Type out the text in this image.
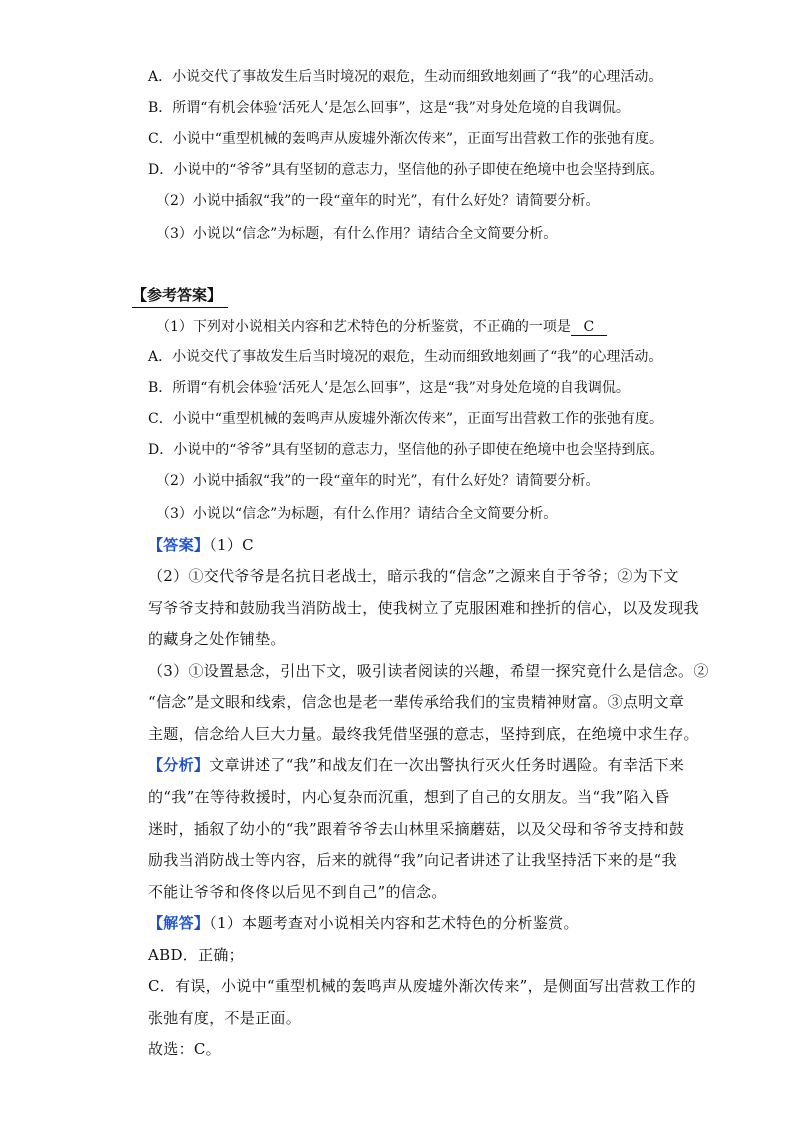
A．小说交代了事故发生后当时境况的艰危，生动而细致地刻画了“我”的心理活动。
B．所谓“有机会体验‘活死人’是怎么回事”，这是“我”对身处危境的自我调侃。
C．小说中“重型机械的轰鸣声从废墟外渐次传来”，正面写出营救工作的张弛有度。
D．小说中的“爷爷”具有坚韧的意志力，坚信他的孙子即使在绝境中也会坚持到底。
（2）小说中插叙“我”的一段“童年的时光”，有什么好处？请简要分析。
（3）小说以“信念”为标题，有什么作用？请结合全文简要分析。
【参考答案】
（1）下列对小说相关内容和艺术特色的分析鉴赏，不正确的一项是 C
A．小说交代了事故发生后当时境况的艰危，生动而细致地刻画了“我”的心理活动。
B．所谓“有机会体验‘活死人’是怎么回事”，这是“我”对身处危境的自我调侃。
C．小说中“重型机械的轰鸣声从废墟外渐次传来”，正面写出营救工作的张弛有度。
D．小说中的“爷爷”具有坚韧的意志力，坚信他的孙子即使在绝境中也会坚持到底。
（2）小说中插叙“我”的一段“童年的时光”，有什么好处？请简要分析。
（3）小说以“信念”为标题，有什么作用？请结合全文简要分析。
【答案】（1）C
（2）①交代爷爷是名抗日老战士，暗示我的“信念”之源来自于爷爷；②为下文
写爷爷支持和鼓励我当消防战士，使我树立了克服困难和挫折的信心，以及发现我
的藏身之处作铺垫。
（3）①设置悬念，引出下文，吸引读者阅读的兴趣，希望一探究竟什么是信念。②
“信念”是文眼和线索，信念也是老一辈传承给我们的宝贵精神财富。③点明文章
主题，信念给人巨大力量。最终我凭借坚强的意志，坚持到底，在绝境中求生存。
【分析】文章讲述了“我”和战友们在一次出警执行灭火任务时遇险。有幸活下来
的“我”在等待救援时，内心复杂而沉重，想到了自己的女朋友。当“我”陷入昏
迷时，插叙了幼小的“我”跟着爷爷去山林里采摘蘑菇，以及父母和爷爷支持和鼓
励我当消防战士等内容，后来的就得“我”向记者讲述了让我坚持活下来的是“我
不能让爷爷和佟佟以后见不到自己”的信念。
【解答】（1）本题考查对小说相关内容和艺术特色的分析鉴赏。
ABD．正确；
C．有误，小说中“重型机械的轰鸣声从废墟外渐次传来”，是侧面写出营救工作的
张弛有度，不是正面。
故选：C。
